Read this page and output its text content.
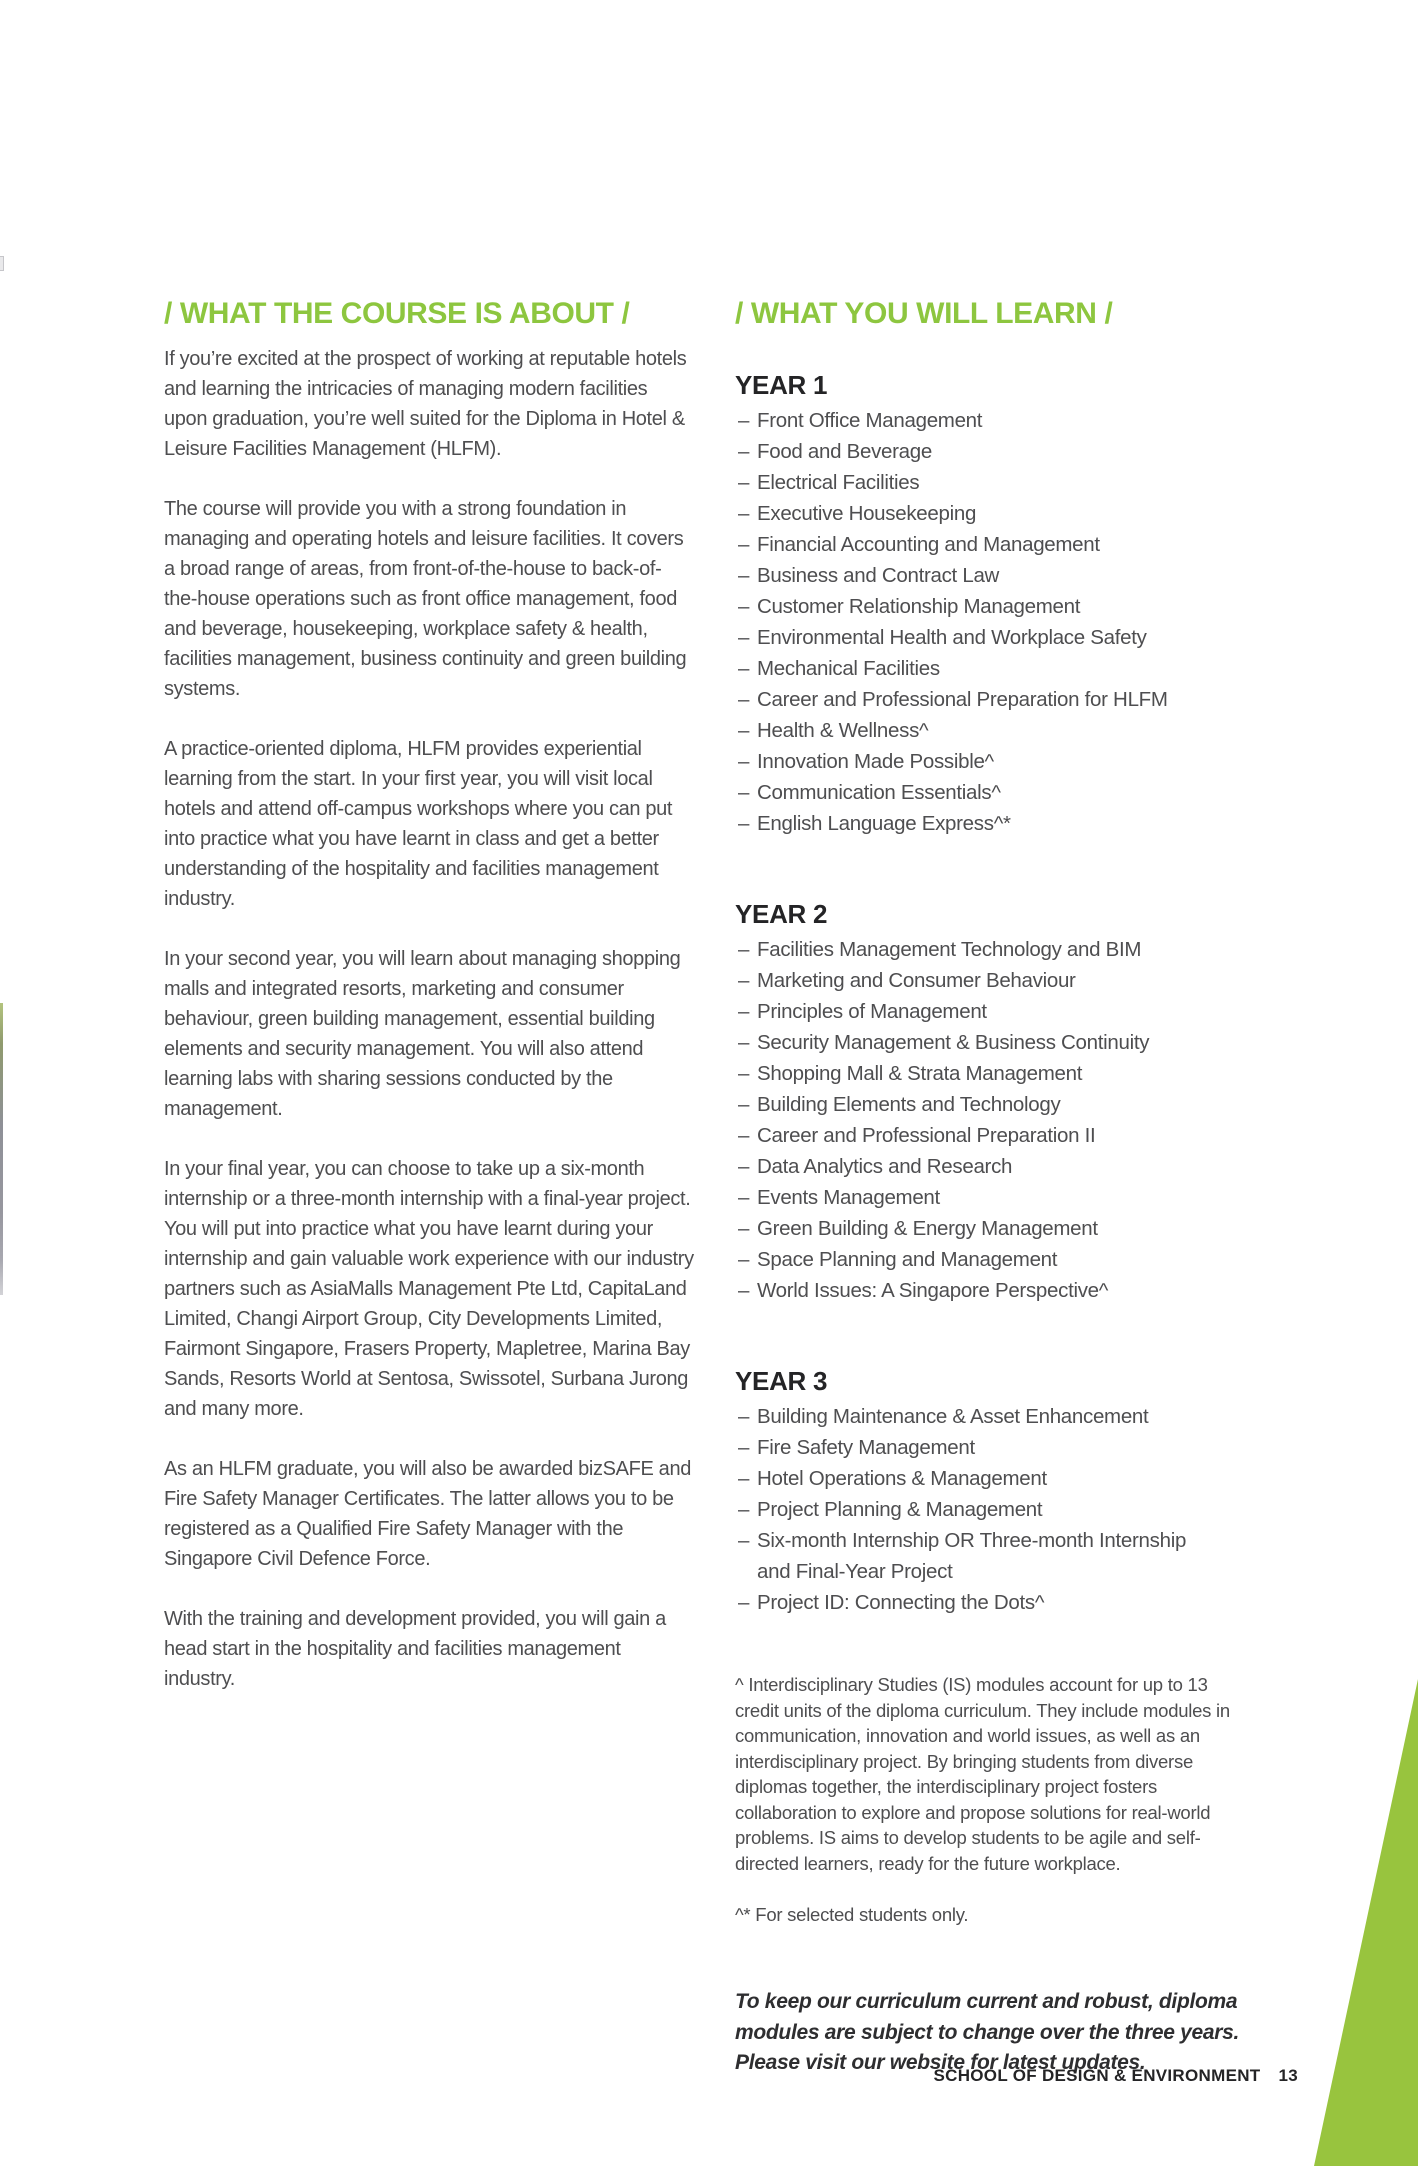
/ WHAT THE COURSE IS ABOUT /

If you’re excited at the prospect of working at reputable hotels and learning the intricacies of managing modern facilities upon graduation, you’re well suited for the Diploma in Hotel & Leisure Facilities Management (HLFM).

The course will provide you with a strong foundation in managing and operating hotels and leisure facilities. It covers a broad range of areas, from front-of-the-house to back-of-the-house operations such as front office management, food and beverage, housekeeping, workplace safety & health, facilities management, business continuity and green building systems.

A practice-oriented diploma, HLFM provides experiential learning from the start. In your first year, you will visit local hotels and attend off-campus workshops where you can put into practice what you have learnt in class and get a better understanding of the hospitality and facilities management industry.

In your second year, you will learn about managing shopping malls and integrated resorts, marketing and consumer behaviour, green building management, essential building elements and security management. You will also attend learning labs with sharing sessions conducted by the management.

In your final year, you can choose to take up a six-month internship or a three-month internship with a final-year project. You will put into practice what you have learnt during your internship and gain valuable work experience with our industry partners such as AsiaMalls Management Pte Ltd, CapitaLand Limited, Changi Airport Group, City Developments Limited, Fairmont Singapore, Frasers Property, Mapletree, Marina Bay Sands, Resorts World at Sentosa, Swissotel, Surbana Jurong and many more.

As an HLFM graduate, you will also be awarded bizSAFE and Fire Safety Manager Certificates. The latter allows you to be registered as a Qualified Fire Safety Manager with the Singapore Civil Defence Force.

With the training and development provided, you will gain a head start in the hospitality and facilities management industry.

/ WHAT YOU WILL LEARN /
YEAR 1
– Front Office Management
– Food and Beverage
– Electrical Facilities
– Executive Housekeeping
– Financial Accounting and Management
– Business and Contract Law
– Customer Relationship Management
– Environmental Health and Workplace Safety
– Mechanical Facilities
– Career and Professional Preparation for HLFM
– Health & Wellness^
– Innovation Made Possible^
– Communication Essentials^
– English Language Express^*
YEAR 2
– Facilities Management Technology and BIM
– Marketing and Consumer Behaviour
– Principles of Management
– Security Management & Business Continuity
– Shopping Mall & Strata Management
– Building Elements and Technology
– Career and Professional Preparation II
– Data Analytics and Research
– Events Management
– Green Building & Energy Management
– Space Planning and Management
– World Issues: A Singapore Perspective^
YEAR 3
– Building Maintenance & Asset Enhancement
– Fire Safety Management
– Hotel Operations & Management
– Project Planning & Management
– Six-month Internship OR Three-month Internship and Final-Year Project
– Project ID: Connecting the Dots^
^ Interdisciplinary Studies (IS) modules account for up to 13 credit units of the diploma curriculum. They include modules in communication, innovation and world issues, as well as an interdisciplinary project. By bringing students from diverse diplomas together, the interdisciplinary project fosters collaboration to explore and propose solutions for real-world problems. IS aims to develop students to be agile and self-directed learners, ready for the future workplace.
^* For selected students only.
To keep our curriculum current and robust, diploma modules are subject to change over the three years. Please visit our website for latest updates.
SCHOOL OF DESIGN & ENVIRONMENT 13
